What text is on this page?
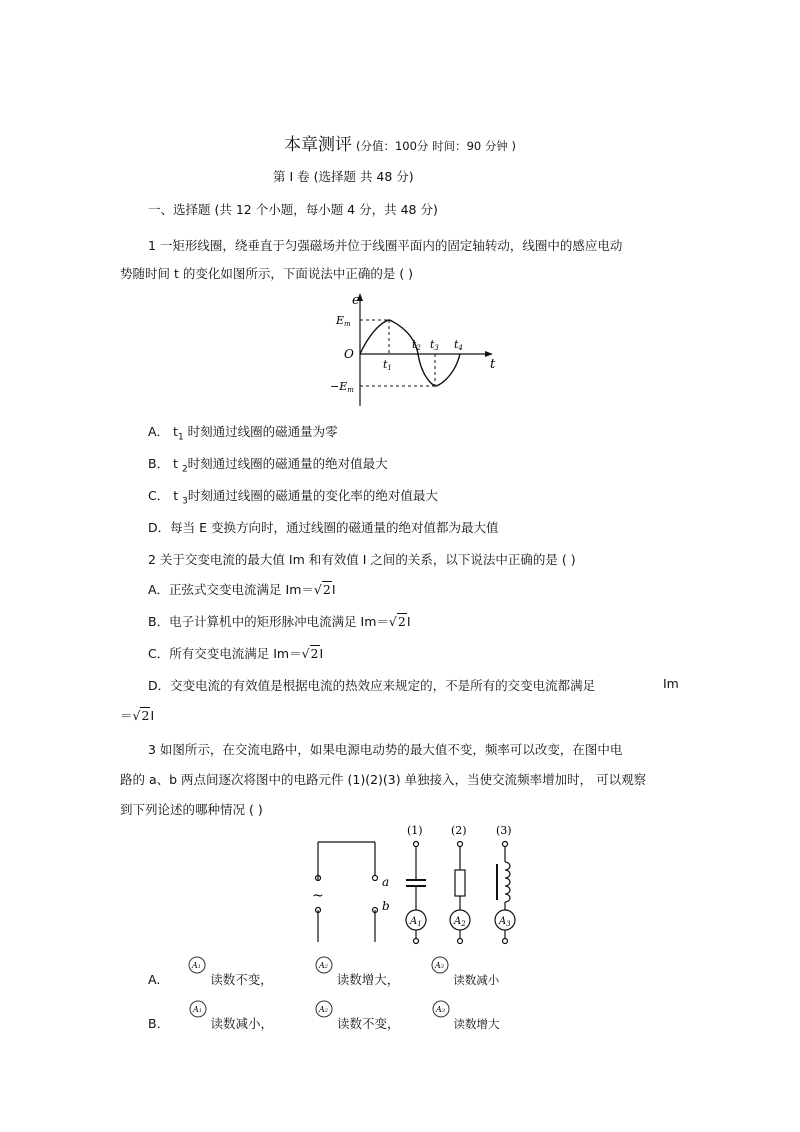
本章测评 (分值：100分 时间：90 分钟 )
第 I 卷 (选择题 共 48 分)
一、选择题 (共 12 个小题，每小题 4 分，共 48 分)
1 一矩形线圈，绕垂直于匀强磁场并位于线圈平面内的固定轴转动，线圈中的感应电动
势随时间 t 的变化如图所示，下面说法中正确的是 ( )
e
Em
O
−Em
t
t1
t2 t3 t4
A． $t_1$ 时刻通过线圈的磁通量为零
B． t $_2$时刻通过线圈的磁通量的绝对值最大
C． t $_3$时刻通过线圈的磁通量的变化率的绝对值最大
D．每当 E 变换方向时，通过线圈的磁通量的绝对值都为最大值
2 关于交变电流的最大值 Im 和有效值 I 之间的关系，以下说法中正确的是 ( )
A．正弦式交变电流满足 Im＝√2I
B．电子计算机中的矩形脉冲电流满足 Im＝√2I
C．所有交变电流满足 Im＝√2I
D．交变电流的有效值是根据电流的热效应来规定的，不是所有的交变电流都满足	Im
＝√2I
3 如图所示，在交流电路中，如果电源电动势的最大值不变，频率可以改变，在图中电
路的 a、b 两点间逐次将图中的电路元件 (1)(2)(3) 单独接入，当使交流频率增加时， 可以观察
到下列论述的哪种情况 ( )
~
a
b
(1)
$A_1$
(2)
$A_2$
(3)
$A_3$
A.
A1
读数不变，
A2
读数增大，
A3
读数减小
B.
A1
读数减小，
A2
读数不变，
A3
读数增大
